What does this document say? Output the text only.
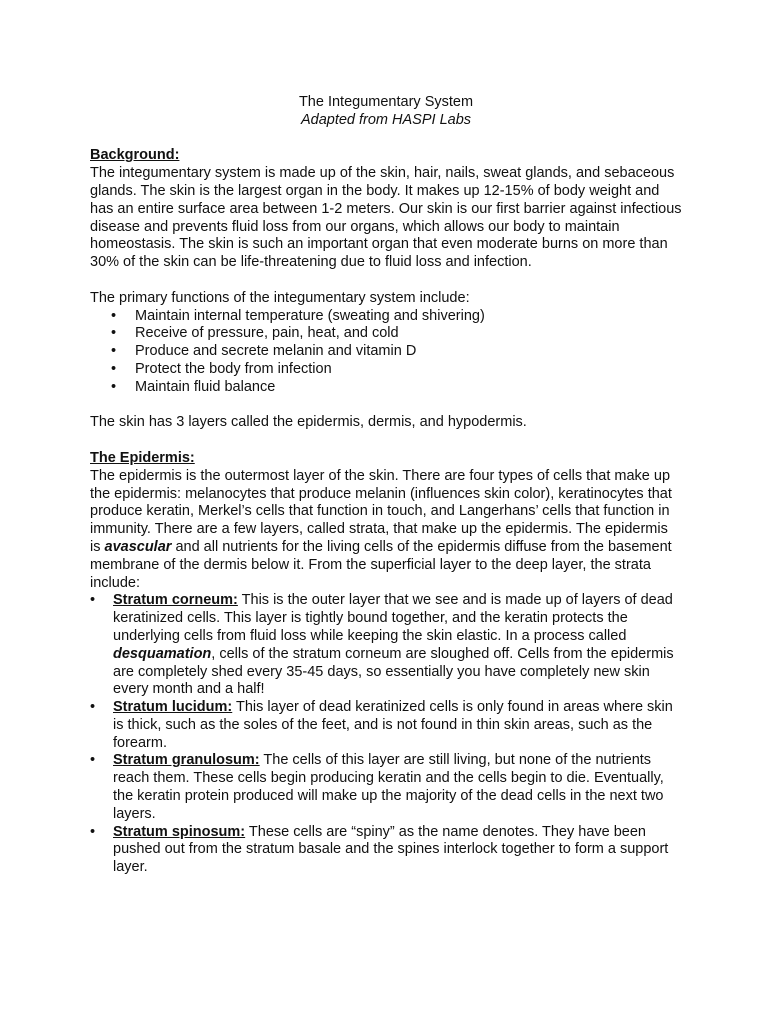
The Integumentary System

Adapted from HASPI Labs

Background:

The integumentary system is made up of the skin, hair, nails, sweat glands, and sebaceous glands. The skin is the largest organ in the body. It makes up 12-15% of body weight and has an entire surface area between 1-2 meters. Our skin is our first barrier against infectious disease and prevents fluid loss from our organs, which allows our body to maintain homeostasis. The skin is such an important organ that even moderate burns on more than 30% of the skin can be life-threatening due to fluid loss and infection.

The primary functions of the integumentary system include:

• Maintain internal temperature (sweating and shivering)
• Receive of pressure, pain, heat, and cold
• Produce and secrete melanin and vitamin D
• Protect the body from infection
• Maintain fluid balance

The skin has 3 layers called the epidermis, dermis, and hypodermis.

The Epidermis:

The epidermis is the outermost layer of the skin. There are four types of cells that make up the epidermis: melanocytes that produce melanin (influences skin color), keratinocytes that produce keratin, Merkel’s cells that function in touch, and Langerhans’ cells that function in immunity. There are a few layers, called strata, that make up the epidermis. The epidermis is avascular and all nutrients for the living cells of the epidermis diffuse from the basement membrane of the dermis below it. From the superficial layer to the deep layer, the strata include:

• Stratum corneum: This is the outer layer that we see and is made up of layers of dead keratinized cells. This layer is tightly bound together, and the keratin protects the underlying cells from fluid loss while keeping the skin elastic. In a process called desquamation, cells of the stratum corneum are sloughed off. Cells from the epidermis are completely shed every 35-45 days, so essentially you have completely new skin every month and a half!
• Stratum lucidum: This layer of dead keratinized cells is only found in areas where skin is thick, such as the soles of the feet, and is not found in thin skin areas, such as the forearm.
• Stratum granulosum: The cells of this layer are still living, but none of the nutrients reach them. These cells begin producing keratin and the cells begin to die. Eventually, the keratin protein produced will make up the majority of the dead cells in the next two layers.
• Stratum spinosum: These cells are “spiny” as the name denotes. They have been pushed out from the stratum basale and the spines interlock together to form a support layer.
